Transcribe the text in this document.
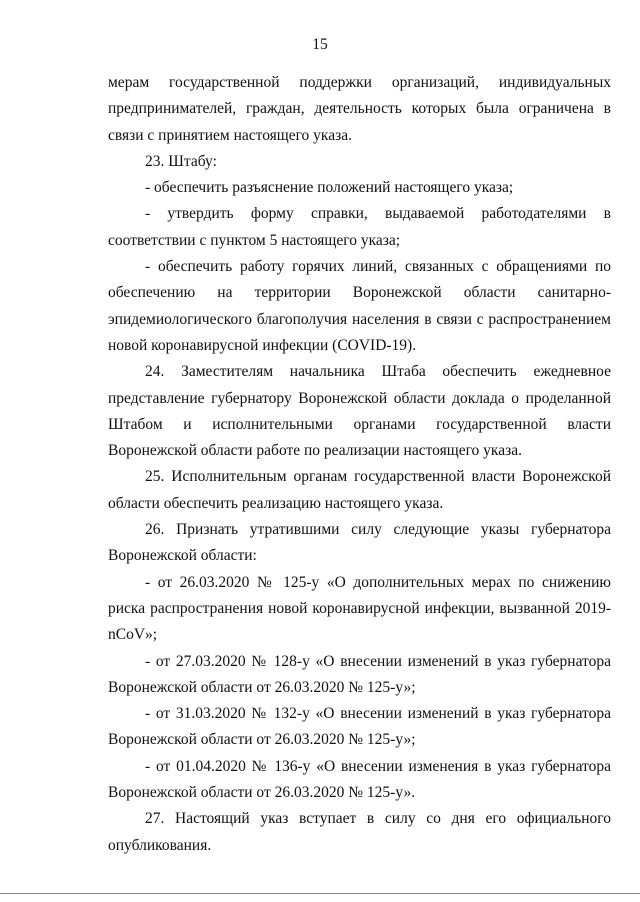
15

мерам государственной поддержки организаций, индивидуальных предпринимателей, граждан, деятельность которых была ограничена в связи с принятием настоящего указа.

23. Штабу:

- обеспечить разъяснение положений настоящего указа;

- утвердить форму справки, выдаваемой работодателями в соответствии с пунктом 5 настоящего указа;

- обеспечить работу горячих линий, связанных с обращениями по обеспечению на территории Воронежской области санитарно-эпидемиологического благополучия населения в связи с распространением новой коронавирусной инфекции (COVID-19).

24. Заместителям начальника Штаба обеспечить ежедневное представление губернатору Воронежской области доклада о проделанной Штабом и исполнительными органами государственной власти Воронежской области работе по реализации настоящего указа.

25. Исполнительным органам государственной власти Воронежской области обеспечить реализацию настоящего указа.

26. Признать утратившими силу следующие указы губернатора Воронежской области:

- от 26.03.2020 № 125-у «О дополнительных мерах по снижению риска распространения новой коронавирусной инфекции, вызванной 2019-nCoV»;

- от 27.03.2020 № 128-у «О внесении изменений в указ губернатора Воронежской области от 26.03.2020 № 125-у»;

- от 31.03.2020 № 132-у «О внесении изменений в указ губернатора Воронежской области от 26.03.2020 № 125-у»;

- от 01.04.2020 № 136-у «О внесении изменения в указ губернатора Воронежской области от 26.03.2020 № 125-у».

27. Настоящий указ вступает в силу со дня его официального опубликования.
